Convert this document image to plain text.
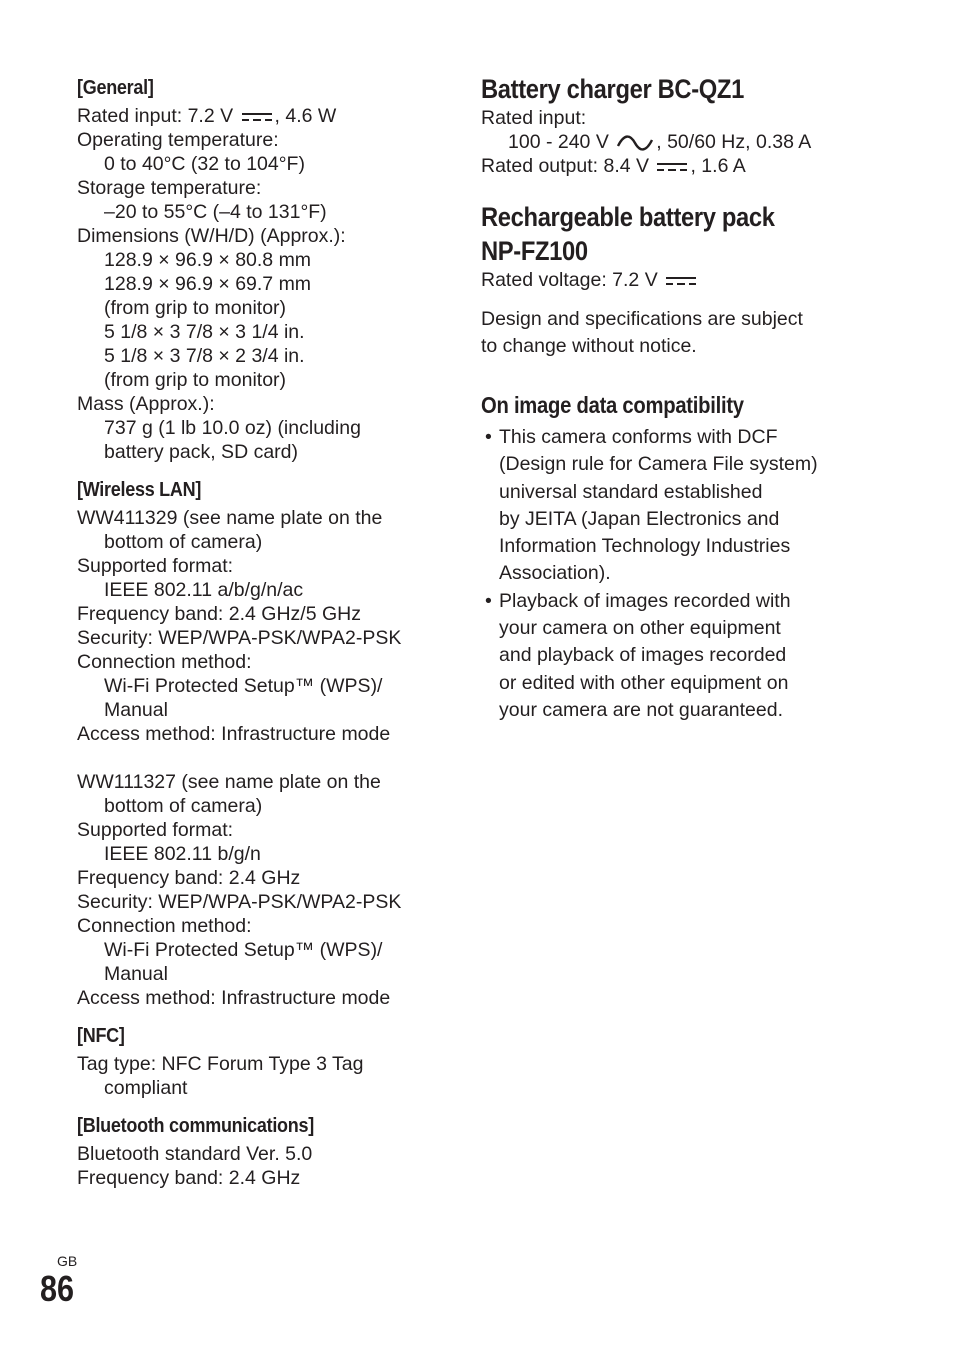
[General]
Rated input: 7.2 V , 4.6 W
Operating temperature:
0 to 40°C (32 to 104°F)
Storage temperature:
–20 to 55°C (–4 to 131°F)
Dimensions (W/H/D) (Approx.):
128.9 × 96.9 × 80.8 mm
128.9 × 96.9 × 69.7 mm
(from grip to monitor)
5 1/8 × 3 7/8 × 3 1/4 in.
5 1/8 × 3 7/8 × 2 3/4 in.
(from grip to monitor)
Mass (Approx.):
737 g (1 lb 10.0 oz) (including
battery pack, SD card)
[Wireless LAN]
WW411329 (see name plate on the
bottom of camera)
Supported format:
IEEE 802.11 a/b/g/n/ac
Frequency band: 2.4 GHz/5 GHz
Security: WEP/WPA-PSK/WPA2-PSK
Connection method:
Wi-Fi Protected Setup™ (WPS)/
Manual
Access method: Infrastructure mode
WW111327 (see name plate on the
bottom of camera)
Supported format:
IEEE 802.11 b/g/n
Frequency band: 2.4 GHz
Security: WEP/WPA-PSK/WPA2-PSK
Connection method:
Wi-Fi Protected Setup™ (WPS)/
Manual
Access method: Infrastructure mode
[NFC]
Tag type: NFC Forum Type 3 Tag
compliant
[Bluetooth communications]
Bluetooth standard Ver. 5.0
Frequency band: 2.4 GHz
Battery charger BC-QZ1
Rated input:
100 - 240 V , 50/60 Hz, 0.38 A
Rated output: 8.4 V , 1.6 A
Rechargeable battery pack
NP-FZ100
Rated voltage: 7.2 V
Design and specifications are subject
to change without notice.
On image data compatibility
• This camera conforms with DCF
(Design rule for Camera File system)
universal standard established
by JEITA (Japan Electronics and
Information Technology Industries
Association).
• Playback of images recorded with
your camera on other equipment
and playback of images recorded
or edited with other equipment on
your camera are not guaranteed.
GB
86
